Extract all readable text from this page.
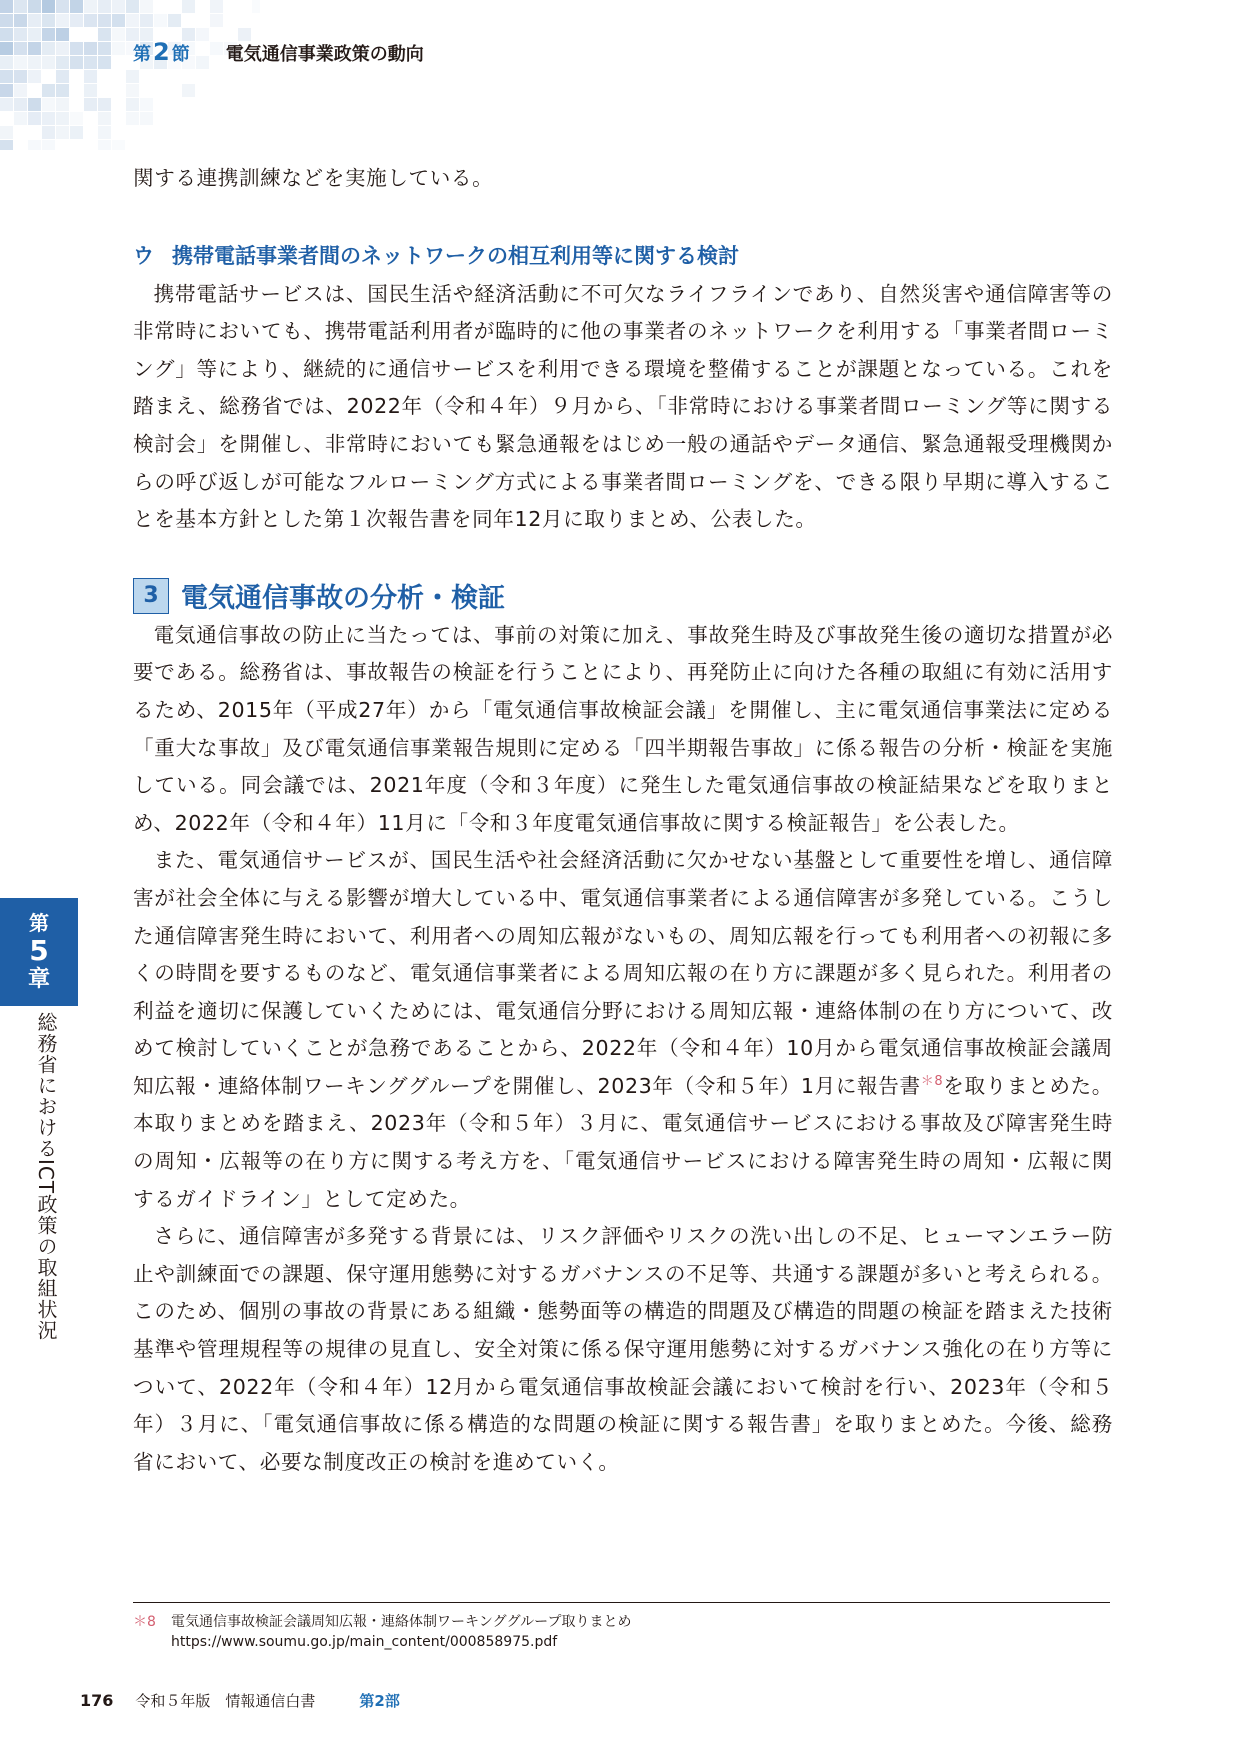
第 2 節 電気通信事業政策の動向
第
5
章
総務省におけるICT政策の取組状況

関する連携訓練などを実施している。

ウ 携帯電話事業者間のネットワークの相互利用等に関する検討

携帯電話サービスは、国民生活や経済活動に不可欠なライフラインであり、自然災害や通信障害等の非常時においても、携帯電話利用者が臨時的に他の事業者のネットワークを利用する「事業者間ローミング」等により、継続的に通信サービスを利用できる環境を整備することが課題となっている。これを踏まえ、総務省では、2022年（令和４年）９月から、「非常時における事業者間ローミング等に関する検討会」を開催し、非常時においても緊急通報をはじめ一般の通話やデータ通信、緊急通報受理機関からの呼び返しが可能なフルローミング方式による事業者間ローミングを、できる限り早期に導入することを基本方針とした第１次報告書を同年12月に取りまとめ、公表した。

3 電気通信事故の分析・検証

電気通信事故の防止に当たっては、事前の対策に加え、事故発生時及び事故発生後の適切な措置が必要である。総務省は、事故報告の検証を行うことにより、再発防止に向けた各種の取組に有効に活用するため、2015年（平成27年）から「電気通信事故検証会議」を開催し、主に電気通信事業法に定める「重大な事故」及び電気通信事業報告規則に定める「四半期報告事故」に係る報告の分析・検証を実施している。同会議では、2021年度（令和３年度）に発生した電気通信事故の検証結果などを取りまとめ、2022年（令和４年）11月に「令和３年度電気通信事故に関する検証報告」を公表した。

また、電気通信サービスが、国民生活や社会経済活動に欠かせない基盤として重要性を増し、通信障害が社会全体に与える影響が増大している中、電気通信事業者による通信障害が多発している。こうした通信障害発生時において、利用者への周知広報がないもの、周知広報を行っても利用者への初報に多くの時間を要するものなど、電気通信事業者による周知広報の在り方に課題が多く見られた。利用者の利益を適切に保護していくためには、電気通信分野における周知広報・連絡体制の在り方について、改めて検討していくことが急務であることから、2022年（令和４年）10月から電気通信事故検証会議周知広報・連絡体制ワーキンググループを開催し、2023年（令和５年）1月に報告書$^{*8}$を取りまとめた。本取りまとめを踏まえ、2023年（令和５年）３月に、電気通信サービスにおける事故及び障害発生時の周知・広報等の在り方に関する考え方を、「電気通信サービスにおける障害発生時の周知・広報に関するガイドライン」として定めた。

さらに、通信障害が多発する背景には、リスク評価やリスクの洗い出しの不足、ヒューマンエラー防止や訓練面での課題、保守運用態勢に対するガバナンスの不足等、共通する課題が多いと考えられる。このため、個別の事故の背景にある組織・態勢面等の構造的問題及び構造的問題の検証を踏まえた技術基準や管理規程等の規律の見直し、安全対策に係る保守運用態勢に対するガバナンス強化の在り方等について、2022年（令和４年）12月から電気通信事故検証会議において検討を行い、2023年（令和５年）３月に、「電気通信事故に係る構造的な問題の検証に関する報告書」を取りまとめた。今後、総務省において、必要な制度改正の検討を進めていく。

＊8 電気通信事故検証会議周知広報・連絡体制ワーキンググループ取りまとめ
https://www.soumu.go.jp/main_content/000858975.pdf
176 令和５年版　情報通信白書	第2部
